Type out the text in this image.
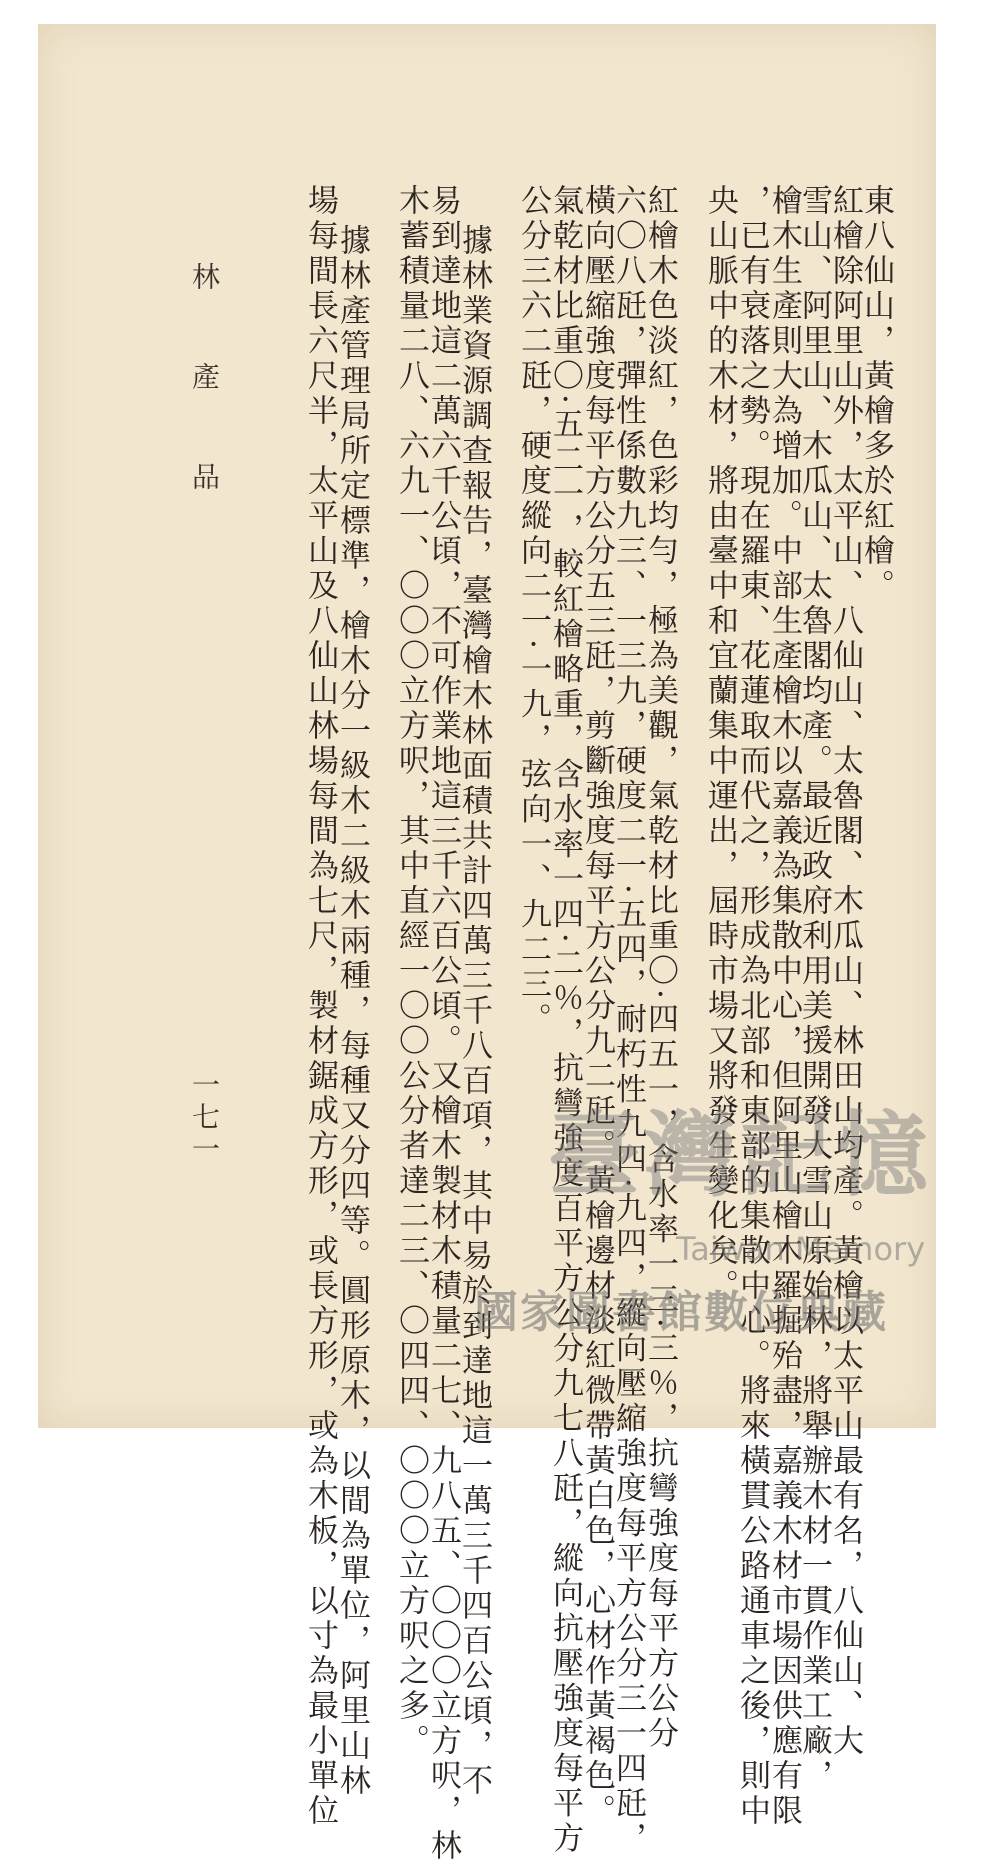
東八仙山，黃檜多於紅檜。
紅檜除阿里山外，太平山、八仙山、太魯閣、木瓜山、林田山均產。黃檜以太平山最有名，八仙山、大
雪山、阿里山、木瓜山、太魯閣均產。最近政府利用美援開發大雪山原始林，將舉辦木材一貫作業工廠，
檜木生產則大為增加。中部生產檜木以嘉義為集散中心，但阿里山檜木羅掘殆盡，嘉義木材市場因供應有限
，已有衰落之勢。現在羅東、花蓮取而代之，形成為北部和東部的集散中心。將來橫貫公路通車之後，則中
央山脈中的木材，將由臺中和宜蘭集中運出，屆時市場又將發生變化矣。
紅檜木色淡紅，色彩均勻，極為美觀，氣乾材比重〇·四五一，含水率一三·三％，抗彎強度每平方公分
六〇八瓩，彈性係數九三、一三九，硬度二一·五四，耐朽性九四·九四，縱向壓縮強度每平方公分三一四瓩，
橫向壓縮強度每平方公分五三瓩，剪斷強度每平方公分九二瓩。黃檜邊材淡紅微帶黃白色，心材作黃褐色。
氣乾材比重〇·五二一，較紅檜略重，含水率一四·二％，抗彎強度百平方公分九七八瓩，縱向抗壓強度每平方
公分三六二瓩，硬度縱向二一·一九，弦向一、九二三。
據林業資源調查報告，臺灣檜木林面積共計四萬三千八百項，其中易於到達地這一萬三千四百公頃，不
易到達地這二萬六千公頃，不可作業地這三千六百公頃。又檜木製材木積量二七、九八五、〇〇〇立方呎，林
木蓄積量二八、六九一、〇〇〇立方呎，其中直經一〇〇公分者達二三、〇四四、〇〇〇立方呎之多。
據林產管理局所定標準，檜木分一級木二級木兩種，每種又分四等。圓形原木，以間為單位，阿里山林
場每間長六尺半，太平山及八仙山林場每間為七尺，製材鋸成方形，或長方形，或為木板，以寸為最小單位
林　產　品
一七一	臺灣記憶
Taiwan Memory
國家圖書館數位典藏
